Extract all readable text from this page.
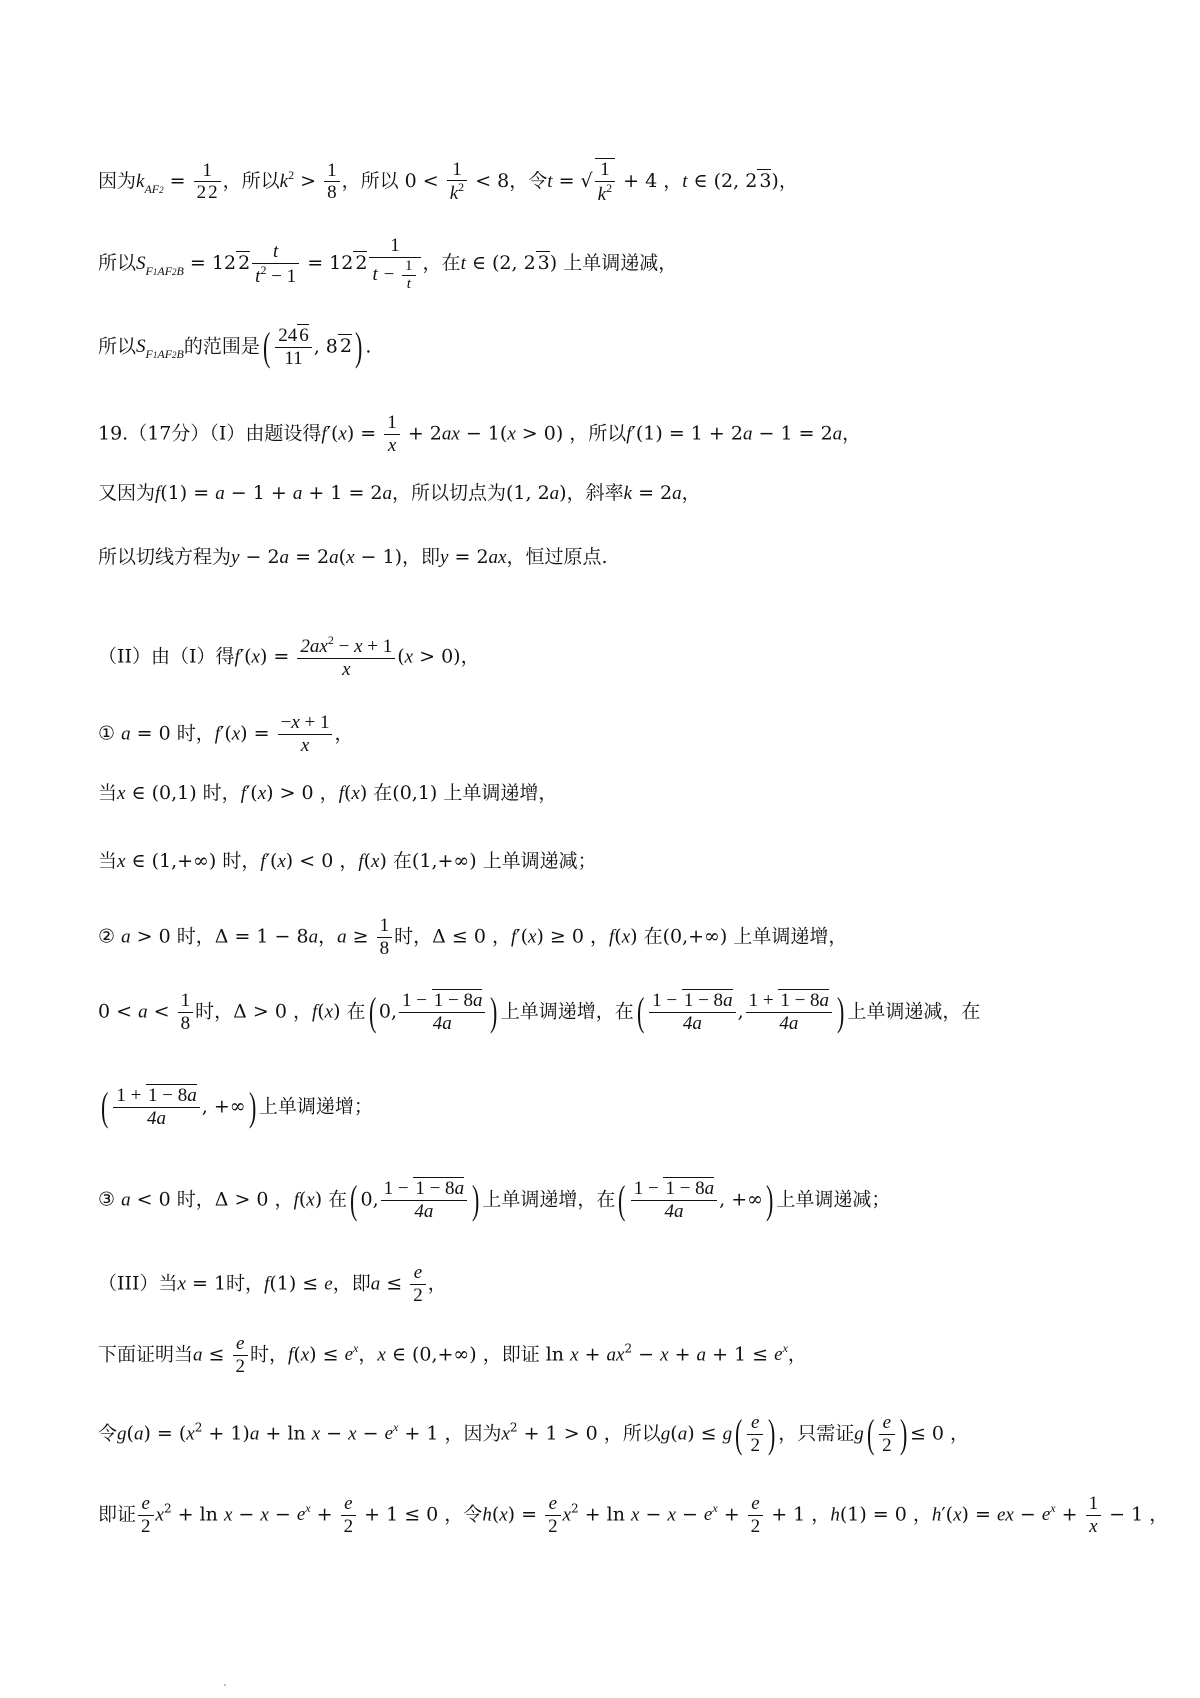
因为$k_{AF2} = \frac{1}{2 2}$ ，所以$k^2 > \frac{1}{8}$ ，所以 $0 < \frac{1}{k^2} < 8$，令t = √ $\frac{1}{k^2} + 4$ ，t ∈ (2, 2 3)，
所以$S_{F1AF2B} = 12$ $2 \frac{t}{t^2 - 1} = 12$ $2 \frac{1}{t - \frac{1}{t}}$ ，在t ∈ (2, 2 3) 上单调递减，
所以$S_{F1AF2B}$的范围是( $\frac{24 6}{11}$ , 8 2) .
19.（17分）（I）由题设得$f'(x) = \frac{1}{x} + 2ax - 1(x > 0)$ ，所以f′(1) = 1 + 2a − 1 = 2a，
又因为f(1) = a − 1 + a + 1 = 2a，所以切点为(1, 2a)，斜率k = 2a，
所以切线方程为y − 2a = 2a(x − 1)，即y = 2ax，恒过原点.
（II）由（I）得$f'(x) = \frac{2ax^2 - x + 1}{x} (x > 0)$，
① a = 0 时，$f'(x) = \frac{-x + 1}{x}$ ，
当x ∈ (0,1) 时，f′(x) > 0 ，f(x) 在(0,1) 上单调递增，
当x ∈ (1,+∞) 时，f′(x) < 0 ，f(x) 在(1,+∞) 上单调递减；
② a > 0 时，Δ = 1 − 8a，$a \ge \frac{1}{8}$ 时，Δ ≤ 0 ，f′(x) ≥ 0 ，f(x) 在(0,+∞) 上单调递增，
$0 < a < \frac{1}{8}$ 时，Δ > 0 ，f(x) 在( 0, $\frac{1 - 1 - 8a}{4a}$ ) 上单调递增，在( $\frac{1 - 1 - 8a}{4a}$ , $\frac{1 + 1 - 8a}{4a}$ ) 上单调递减，在
( $\frac{1 + 1 - 8a}{4a}$ , +∞) 上单调递增；
③ a < 0 时，Δ > 0 ，f(x) 在( 0, $\frac{1 - 1 - 8a}{4a}$ ) 上单调递增，在( $\frac{1 - 1 - 8a}{4a}$ , +∞) 上单调递减；
（III）当x = 1时，f(1) ≤ e，即$a \le \frac{e}{2}$ ，
下面证明当$a \le \frac{e}{2}$ 时，$f(x) \le e^x$，x ∈ (0,+∞) ，即证 $\ln x + ax^2 - x + a + 1 \le e^x$，
令$g(a) = (x^2 + 1)a + \ln x - x - e^x + 1$ ，因为$x^2 + 1 > 0$ ，所以$g(a) \le g( \frac{e}{2}$ ) ，只需证$g( \frac{e}{2}$ ) ≤ 0 ，
即证 $\frac{e}{2} x^2 + \ln x - x - e^x + \frac{e}{2} + 1 \le 0$ ，令$h(x) = \frac{e}{2} x^2 + \ln x - x - e^x + \frac{e}{2} + 1$ ，h(1) = 0 ，h′(x) = ex − $e^x + \frac{1}{x} - 1$ ，
